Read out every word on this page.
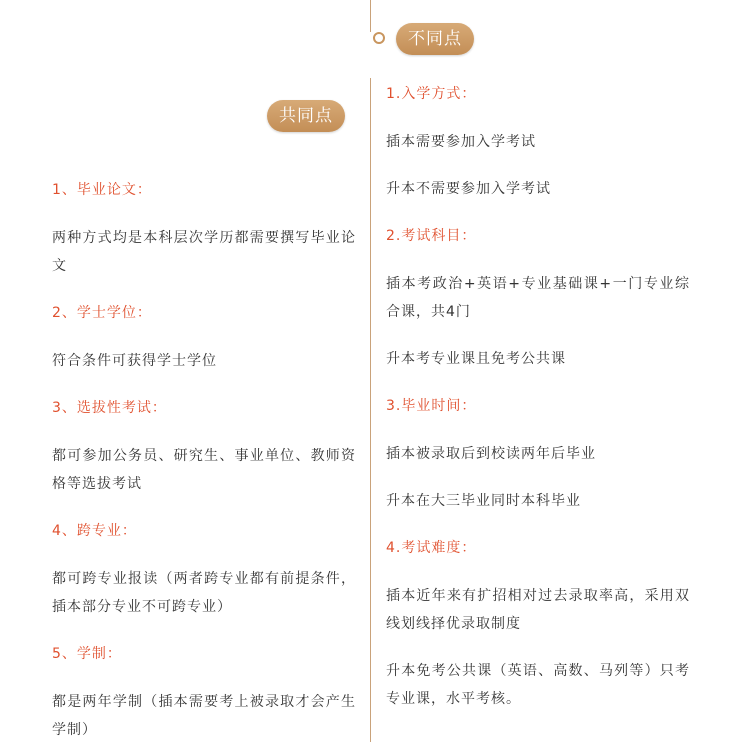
不同点
共同点
1、毕业论文：
两种方式均是本科层次学历都需要撰写毕业论文
2、学士学位：
符合条件可获得学士学位
3、选拔性考试：
都可参加公务员、研究生、事业单位、教师资格等选拔考试
4、跨专业：
都可跨专业报读（两者跨专业都有前提条件，插本部分专业不可跨专业）
5、学制：
都是两年学制（插本需要考上被录取才会产生学制）
1.入学方式：
插本需要参加入学考试
升本不需要参加入学考试
2.考试科目：
插本考政治+英语+专业基础课+一门专业综合课，共4门
升本考专业课且免考公共课
3.毕业时间：
插本被录取后到校读两年后毕业
升本在大三毕业同时本科毕业
4.考试难度：
插本近年来有扩招相对过去录取率高，采用双线划线择优录取制度
升本免考公共课（英语、高数、马列等）只考专业课，水平考核。
